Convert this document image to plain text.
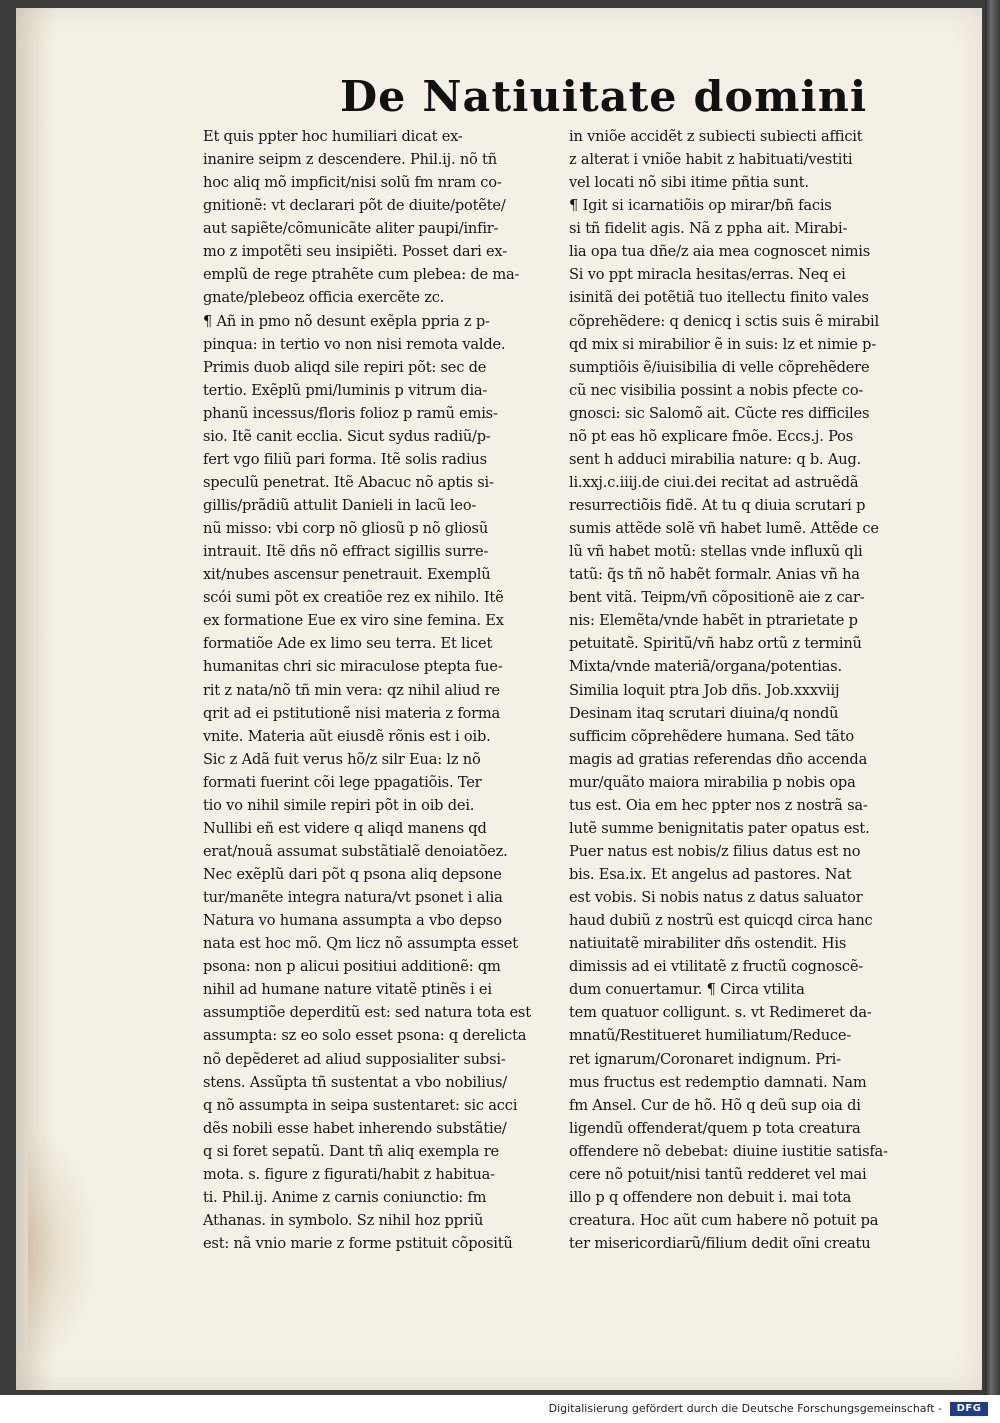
De Natiuitate domini
Et quis ppter hoc humiliari dicat ex-
inanire seipm z descendere. Phil.ij. nõ tñ
hoc aliq mõ impficit/nisi solũ fm nram co-
gnitionẽ: vt declarari põt de diuite/potẽte/
aut sapiẽte/cõmunicãte aliter paupi/infir-
mo z impotẽti seu insipiẽti. Posset dari ex-
emplũ de rege ptrahẽte cum plebea: de ma-
gnate/plebeoz officia exercẽte zc.
¶ Añ in pmo nõ desunt exẽpla ppria z p-
pinqua: in tertio vo non nisi remota valde.
Primis duob aliqd sile repiri põt: sec de
tertio. Exẽplũ pmi/luminis p vitrum dia-
phanũ incessus/floris folioz p ramũ emis-
sio. Itẽ canit ecclia. Sicut sydus radiũ/p-
fert vgo filiũ pari forma. Itẽ solis radius
speculũ penetrat. Itẽ Abacuc nõ aptis si-
gillis/prãdiũ attulit Danieli in lacũ leo-
nũ misso: vbi corp nõ gliosũ p nõ gliosũ
intrauit. Itẽ dñs nõ effract sigillis surre-
xit/nubes ascensur penetrauit. Exemplũ
scói sumi põt ex creatiõe rez ex nihilo. Itẽ
ex formatione Eue ex viro sine femina. Ex
formatiõe Ade ex limo seu terra. Et licet
humanitas chri sic miraculose ptepta fue-
rit z nata/nõ tñ min vera: qz nihil aliud re
qrit ad ei pstitutionẽ nisi materia z forma
vnite. Materia aũt eiusdẽ rõnis est i oib.
Sic z Adã fuit verus hõ/z silr Eua: lz nõ
formati fuerint cõi lege ppagatiõis. Ter
tio vo nihil simile repiri põt in oib dei.
Nullibi eñ est videre q aliqd manens qd
erat/nouã assumat substãtialẽ denoiatõez.
Nec exẽplũ dari põt q psona aliq depsone
tur/manẽte integra natura/vt psonet i alia
Natura vo humana assumpta a vbo depso
nata est hoc mõ. Qm licz nõ assumpta esset
psona: non p alicui positiui additionẽ: qm
nihil ad humane nature vitatẽ ptinẽs i ei
assumptiõe deperditũ est: sed natura tota est
assumpta: sz eo solo esset psona: q derelicta
nõ depẽderet ad aliud supposialiter subsi-
stens. Assũpta tñ sustentat a vbo nobilius/
q nõ assumpta in seipa sustentaret: sic acci
dẽs nobili esse habet inherendo substãtie/
q si foret sepatũ. Dant tñ aliq exempla re
mota. s. figure z figurati/habit z habitua-
ti. Phil.ij. Anime z carnis coniunctio: fm
Athanas. in symbolo. Sz nihil hoz ppriũ
est: nã vnio marie z forme pstituit cõpositũ
in vniõe accidẽt z subiecti subiecti afficit
z alterat i vniõe habit z habituati/vestiti
vel locati nõ sibi itime pñtia sunt.
¶ Igit si icarnatiõis op mirar/bñ facis
si tñ fidelit agis. Nã z ppha ait. Mirabi-
lia opa tua dñe/z aia mea cognoscet nimis
Si vo ppt miracla hesitas/erras. Neq ei
isinitã dei potẽtiã tuo itellectu finito vales
cõprehẽdere: q denicq i sctis suis ẽ mirabil
qd mix si mirabilior ẽ in suis: lz et nimie p-
sumptiõis ẽ/iuisibilia di velle cõprehẽdere
cũ nec visibilia possint a nobis pfecte co-
gnosci: sic Salomõ ait. Cũcte res difficiles
nõ pt eas hõ explicare fmõe. Eccs.j. Pos
sent h adduci mirabilia nature: q b. Aug.
li.xxj.c.iiij.de ciui.dei recitat ad astruẽdã
resurrectiõis fidẽ. At tu q diuia scrutari p
sumis attẽde solẽ vñ habet lumẽ. Attẽde ce
lũ vñ habet motũ: stellas vnde influxũ qli
tatũ: q̃s tñ nõ habẽt formalr. Anias vñ ha
bent vitã. Teipm/vñ cõpositionẽ aie z car-
nis: Elemẽta/vnde habẽt in ptrarietate p
petuitatẽ. Spiritũ/vñ habz ortũ z terminũ
Mixta/vnde materiã/organa/potentias.
Similia loquit ptra Job dñs. Job.xxxviij
Desinam itaq scrutari diuina/q nondũ
sufficim cõprehẽdere humana. Sed tãto
magis ad gratias referendas dño accenda
mur/quãto maiora mirabilia p nobis opa
tus est. Oia em hec ppter nos z nostrã sa-
lutẽ summe benignitatis pater opatus est.
Puer natus est nobis/z filius datus est no
bis. Esa.ix. Et angelus ad pastores. Nat
est vobis. Si nobis natus z datus saluator
haud dubiũ z nostrũ est quicqd circa hanc
natiuitatẽ mirabiliter dñs ostendit. His
dimissis ad ei vtilitatẽ z fructũ cognoscẽ-
dum conuertamur. ¶ Circa vtilita
tem quatuor colligunt. s. vt Redimeret da-
mnatũ/Restitueret humiliatum/Reduce-
ret ignarum/Coronaret indignum. Pri-
mus fructus est redemptio damnati. Nam
fm Ansel. Cur de hõ. Hõ q deũ sup oia di
ligendũ offenderat/quem p tota creatura
offendere nõ debebat: diuine iustitie satisfa-
cere nõ potuit/nisi tantũ redderet vel mai
illo p q offendere non debuit i. mai tota
creatura. Hoc aũt cum habere nõ potuit pa
ter misericordiarũ/filium dedit oĩni creatu
Digitalisierung gefördert durch die Deutsche Forschungsgemeinschaft -	DFG
